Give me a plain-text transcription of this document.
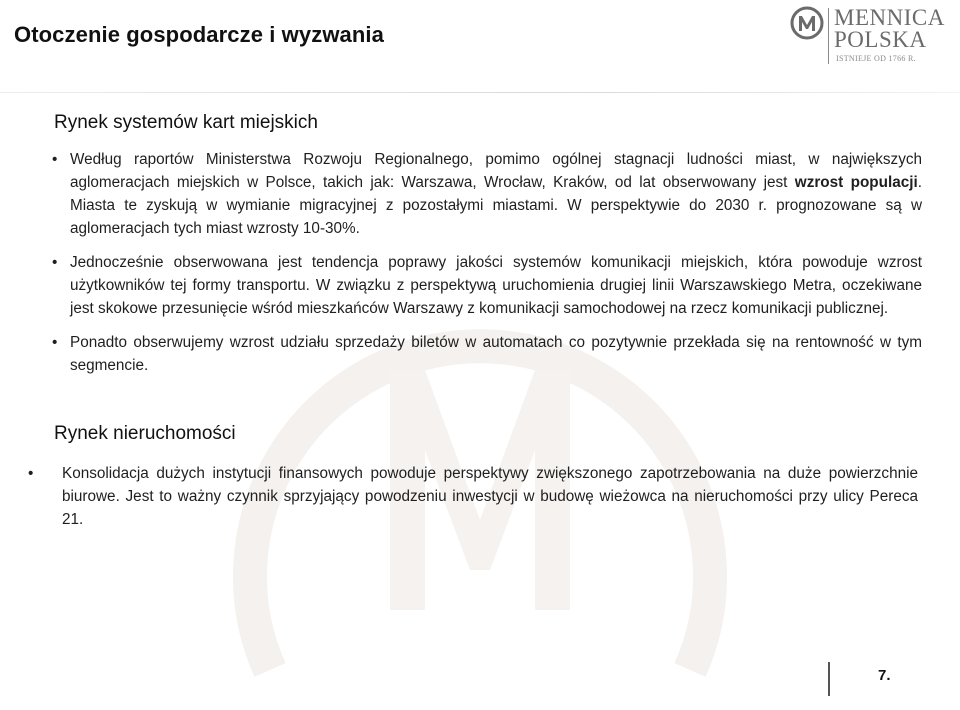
Otoczenie gospodarcze i wyzwania
MENNICA
POLSKA
ISTNIEJE OD 1766 R.
Rynek systemów kart miejskich
• Według raportów Ministerstwa Rozwoju Regionalnego, pomimo ogólnej stagnacji ludności miast, w największych aglomeracjach miejskich w Polsce, takich jak: Warszawa, Wrocław, Kraków, od lat obserwowany jest wzrost populacji. Miasta te zyskują w wymianie migracyjnej z pozostałymi miastami. W perspektywie do 2030 r. prognozowane są w aglomeracjach tych miast wzrosty 10-30%.
• Jednocześnie obserwowana jest tendencja poprawy jakości systemów komunikacji miejskich, która powoduje wzrost użytkowników tej formy transportu. W związku z perspektywą uruchomienia drugiej linii Warszawskiego Metra, oczekiwane jest skokowe przesunięcie wśród mieszkańców Warszawy z komunikacji samochodowej na rzecz komunikacji publicznej.
• Ponadto obserwujemy wzrost udziału sprzedaży biletów w automatach co pozytywnie przekłada się na rentowność w tym segmencie.
Rynek nieruchomości
• Konsolidacja dużych instytucji finansowych powoduje perspektywy zwiększonego zapotrzebowania na duże powierzchnie biurowe. Jest to ważny czynnik sprzyjający powodzeniu inwestycji w budowę wieżowca na nieruchomości przy ulicy Pereca 21.
7.
